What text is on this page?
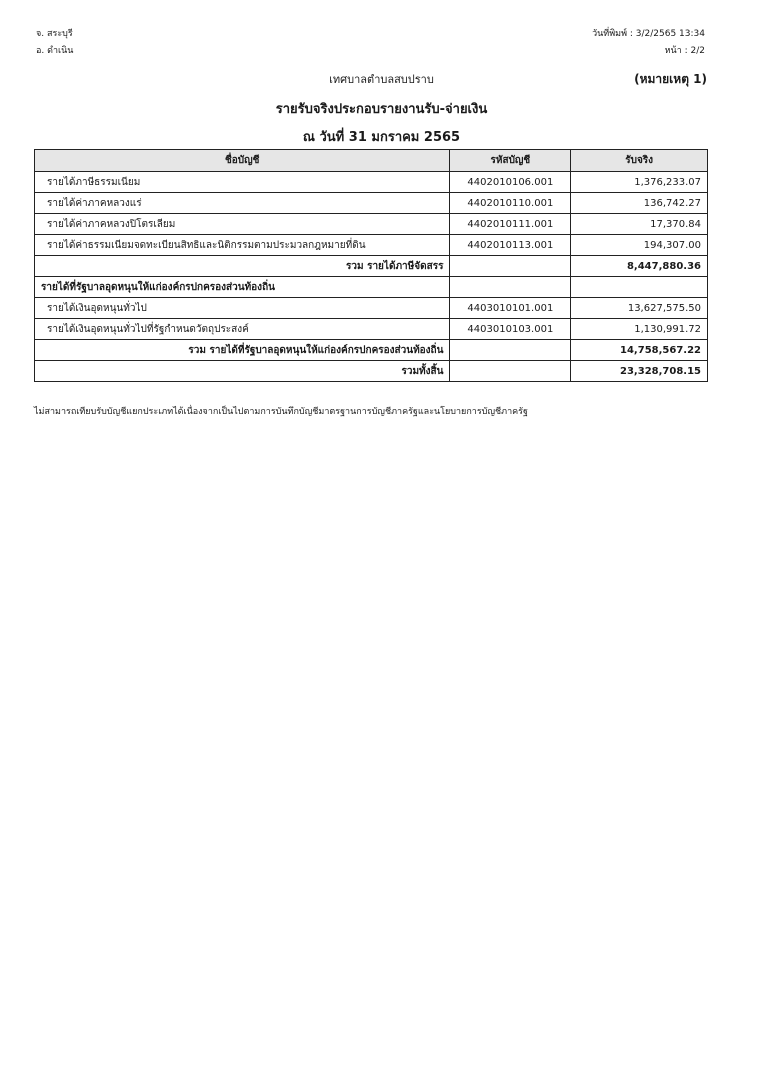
จ. สระบุรี
อ. ดำเนิน
วันที่พิมพ์ : 3/2/2565 13:34
หน้า : 2/2
เทศบาลตำบลสบปราบ	(หมายเหตุ 1)
รายรับจริงประกอบรายงานรับ-จ่ายเงิน
ณ วันที่ 31 มกราคม 2565
ชื่อบัญชี	รหัสบัญชี	รับจริง
รายได้ภาษีธรรมเนียม	4402010106.001	1,376,233.07
รายได้ค่าภาคหลวงแร่	4402010110.001	136,742.27
รายได้ค่าภาคหลวงปิโตรเลียม	4402010111.001	17,370.84
รายได้ค่าธรรมเนียมจดทะเบียนสิทธิและนิติกรรมตามประมวลกฎหมายที่ดิน	4402010113.001	194,307.00
รวม รายได้ภาษีจัดสรร		8,447,880.36
รายได้ที่รัฐบาลอุดหนุนให้แก่องค์กรปกครองส่วนท้องถิ่น		
รายได้เงินอุดหนุนทั่วไป	4403010101.001	13,627,575.50
รายได้เงินอุดหนุนทั่วไปที่รัฐกำหนดวัตถุประสงค์	4403010103.001	1,130,991.72
รวม รายได้ที่รัฐบาลอุดหนุนให้แก่องค์กรปกครองส่วนท้องถิ่น		14,758,567.22
รวมทั้งสิ้น		23,328,708.15
ไม่สามารถเทียบรับบัญชีแยกประเภทได้เนื่องจากเป็นไปตามการบันทึกบัญชีมาตรฐานการบัญชีภาครัฐและนโยบายการบัญชีภาครัฐ
